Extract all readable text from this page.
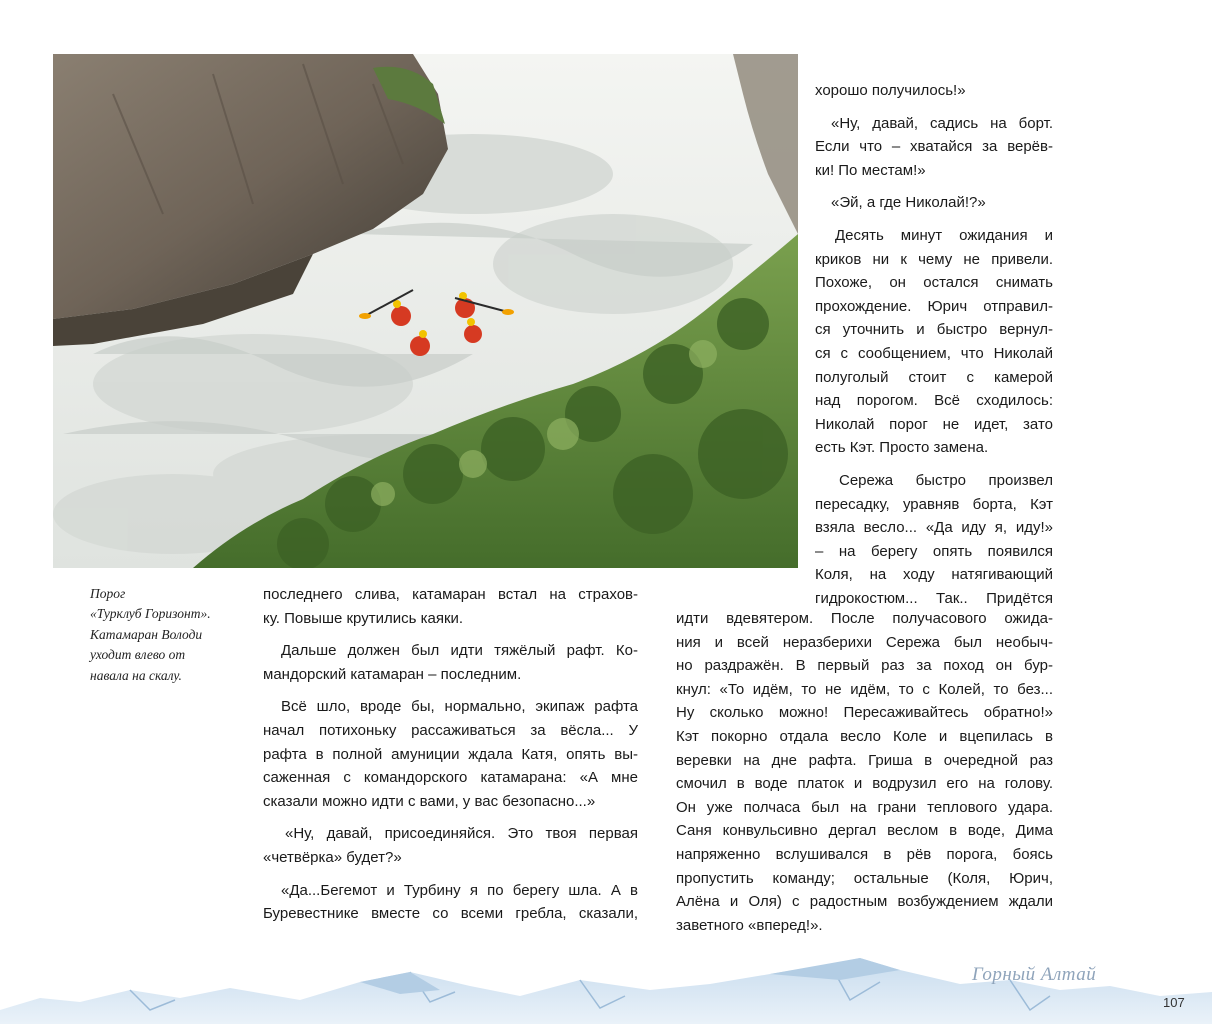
Порог
«Турклуб Горизонт».
Катамаран Володи
уходит влево от
навала на скалу.

хорошо получилось!»

«Ну, давай, садись на борт.
Если что – хватайся за верёв-
ки! По местам!»

«Эй, а где Николай!?»

Десять минут ожидания и
криков ни к чему не привели.
Похоже, он остался снимать
прохождение. Юрич отправил-
ся уточнить и быстро вернул-
ся с сообщением, что Николай
полуголый стоит с камерой
над порогом. Всё сходилось:
Николай порог не идет, зато
есть Кэт. Просто замена.

Сережа быстро произвел
пересадку, уравняв борта, Кэт
взяла весло... «Да иду я, иду!»
– на берегу опять появился
Коля, на ходу натягивающий
гидрокостюм... Так.. Придётся

идти вдевятером. После получасового ожида-
ния и всей неразберихи Сережа был необыч-
но раздражён. В первый раз за поход он бур-
кнул: «То идём, то не идём, то с Колей, то без...
Ну сколько можно! Пересаживайтесь обратно!»
Кэт покорно отдала весло Коле и вцепилась в
веревки на дне рафта. Гриша в очередной раз
смочил в воде платок и водрузил его на голову.
Он уже полчаса был на грани теплового удара.
Саня конвульсивно дергал веслом в воде, Дима
напряженно вслушивался в рёв порога, боясь
пропустить команду; остальные (Коля, Юрич,
Алёна и Оля) с радостным возбуждением ждали
заветного «вперед!».

последнего слива, катамаран встал на страхов-
ку. Повыше крутились каяки.

Дальше должен был идти тяжёлый рафт. Ко-
мандорский катамаран – последним.

Всё шло, вроде бы, нормально, экипаж рафта
начал потихоньку рассаживаться за вёсла... У
рафта в полной амуниции ждала Катя, опять вы-
саженная с командорского катамарана: «А мне
сказали можно идти с вами, у вас безопасно...»

«Ну, давай, присоединяйся. Это твоя первая
«четвёрка» будет?»

«Да...Бегемот и Турбину я по берегу шла. А в
Буревестнике вместе со всеми гребла, сказали,

Горный Алтай
107
